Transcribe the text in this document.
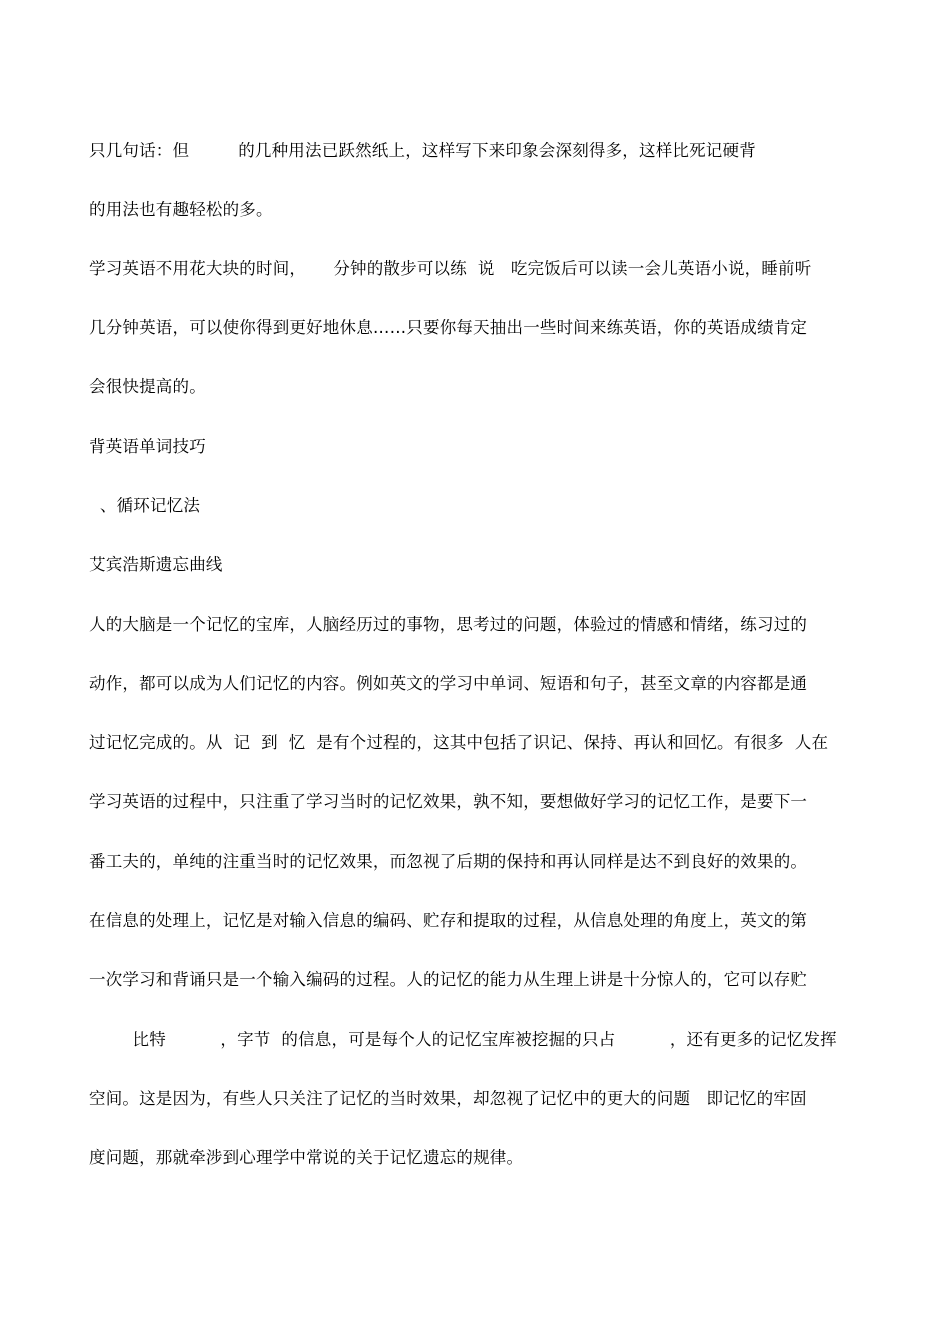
只几句话：但         的几种用法已跃然纸上，这样写下来印象会深刻得多，这样比死记硬背
的用法也有趣轻松的多。
学习英语不用花大块的时间，     分钟的散步可以练  说   吃完饭后可以读一会儿英语小说，睡前听
几分钟英语，可以使你得到更好地休息……只要你每天抽出一些时间来练英语，你的英语成绩肯定
会很快提高的。
背英语单词技巧
、循环记忆法
艾宾浩斯遗忘曲线
人的大脑是一个记忆的宝库，人脑经历过的事物，思考过的问题，体验过的情感和情绪，练习过的
动作，都可以成为人们记忆的内容。例如英文的学习中单词、短语和句子，甚至文章的内容都是通
过记忆完成的。从  记  到  忆  是有个过程的，这其中包括了识记、保持、再认和回忆。有很多  人在
学习英语的过程中，只注重了学习当时的记忆效果，孰不知，要想做好学习的记忆工作，是要下一
番工夫的，单纯的注重当时的记忆效果，而忽视了后期的保持和再认同样是达不到良好的效果的。
在信息的处理上，记忆是对输入信息的编码、贮存和提取的过程，从信息处理的角度上，英文的第
一次学习和背诵只是一个输入编码的过程。人的记忆的能力从生理上讲是十分惊人的，它可以存贮
比特          ，字节  的信息，可是每个人的记忆宝库被挖掘的只占          ，还有更多的记忆发挥
空间。这是因为，有些人只关注了记忆的当时效果，却忽视了记忆中的更大的问题   即记忆的牢固
度问题，那就牵涉到心理学中常说的关于记忆遗忘的规律。
